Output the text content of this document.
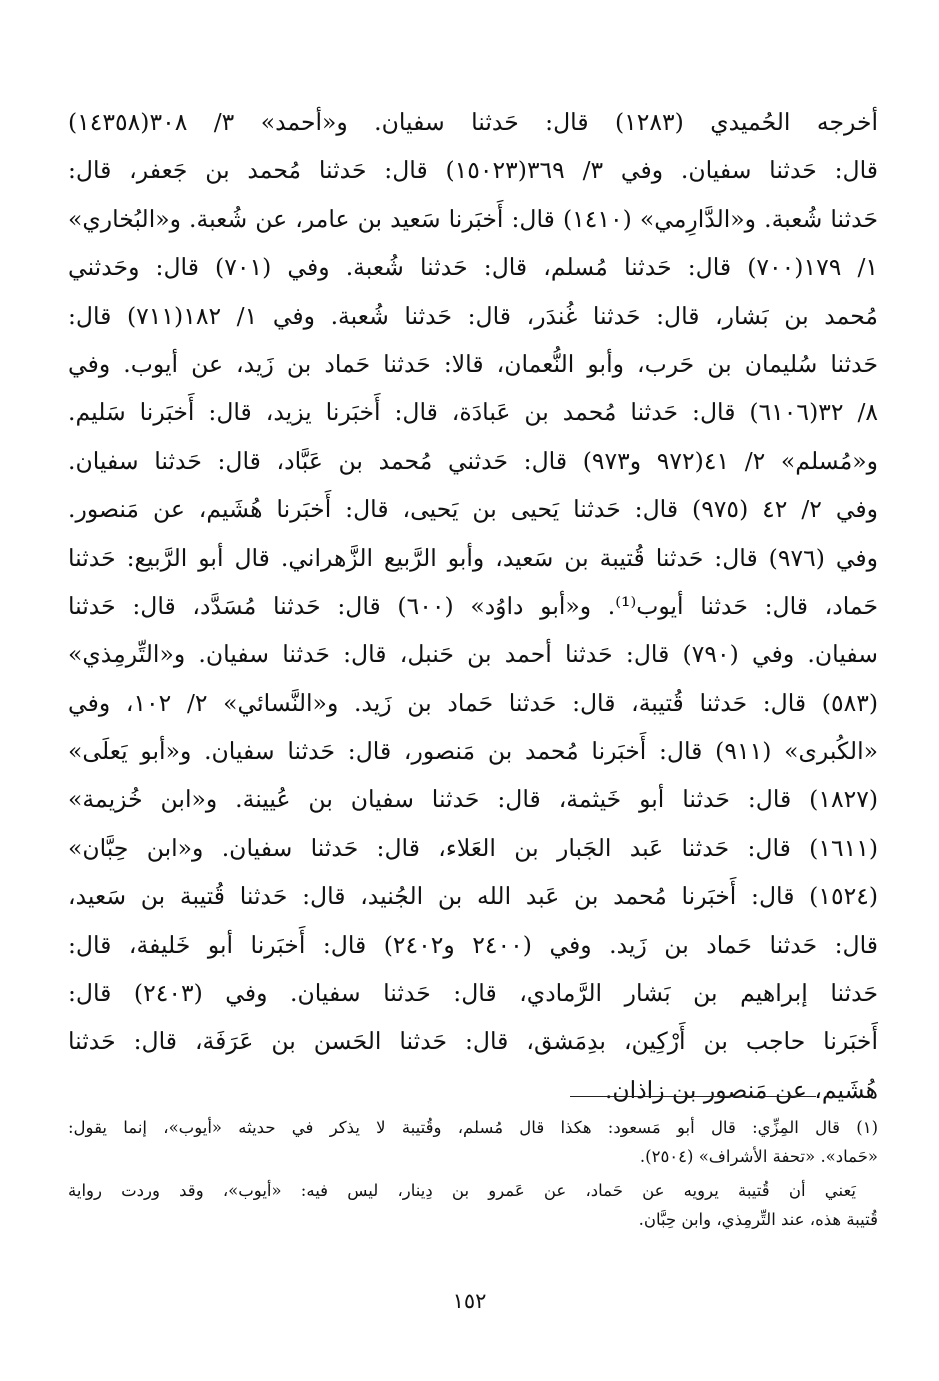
أخرجه الحُميدي (١٢٨٣) قال: حَدثنا سفيان. و«أحمد» ٣/ ٣٠٨(١٤٣٥٨)
قال: حَدثنا سفيان. وفي ٣/ ٣٦٩(١٥٠٢٣) قال: حَدثنا مُحمد بن جَعفر، قال:
حَدثنا شُعبة. و«الدَّارِمي» (١٤١٠) قال: أَخبَرنا سَعيد بن عامر، عن شُعبة. و«البُخاري»
١/ ١٧٩(٧٠٠) قال: حَدثنا مُسلم، قال: حَدثنا شُعبة. وفي (٧٠١) قال: وحَدثني
مُحمد بن بَشار، قال: حَدثنا غُندَر، قال: حَدثنا شُعبة. وفي ١/ ١٨٢(٧١١) قال:
حَدثنا سُليمان بن حَرب، وأبو النُّعمان، قالا: حَدثنا حَماد بن زَيد، عن أيوب. وفي
٨/ ٣٢(٦١٠٦) قال: حَدثنا مُحمد بن عَبادَة، قال: أَخبَرنا يزيد، قال: أَخبَرنا سَليم.
و«مُسلم» ٢/ ٤١(٩٧٢ و٩٧٣) قال: حَدثني مُحمد بن عَبَّاد، قال: حَدثنا سفيان.
وفي ٢/ ٤٢ (٩٧٥) قال: حَدثنا يَحيى بن يَحيى، قال: أَخبَرنا هُشَيم، عن مَنصور.
وفي (٩٧٦) قال: حَدثنا قُتيبة بن سَعيد، وأبو الرَّبيع الزَّهراني. قال أبو الرَّبيع: حَدثنا
حَماد، قال: حَدثنا أيوب⁽¹⁾. و«أبو داوُد» (٦٠٠) قال: حَدثنا مُسَدَّد، قال: حَدثنا
سفيان. وفي (٧٩٠) قال: حَدثنا أحمد بن حَنبل، قال: حَدثنا سفيان. و«التِّرمِذي»
(٥٨٣) قال: حَدثنا قُتيبة، قال: حَدثنا حَماد بن زَيد. و«النَّسائي» ٢/ ١٠٢، وفي
«الكُبرى» (٩١١) قال: أَخبَرنا مُحمد بن مَنصور، قال: حَدثنا سفيان. و«أبو يَعلَى»
(١٨٢٧) قال: حَدثنا أبو خَيثمة، قال: حَدثنا سفيان بن عُيينة. و«ابن خُزيمة»
(١٦١١) قال: حَدثنا عَبد الجَبار بن العَلاء، قال: حَدثنا سفيان. و«ابن حِبَّان»
(١٥٢٤) قال: أَخبَرنا مُحمد بن عَبد الله بن الجُنيد، قال: حَدثنا قُتيبة بن سَعيد،
قال: حَدثنا حَماد بن زَيد. وفي (٢٤٠٠ و٢٤٠٢) قال: أَخبَرنا أبو خَليفة، قال:
حَدثنا إبراهيم بن بَشار الرَّمادي، قال: حَدثنا سفيان. وفي (٢٤٠٣) قال:
أَخبَرنا حاجب بن أَرْكِين، بدِمَشق، قال: حَدثنا الحَسن بن عَرَفَة، قال: حَدثنا
هُشَيم، عن مَنصور بن زاذان.
(١) قال المِزِّي: قال أبو مَسعود: هكذا قال مُسلم، وقُتيبة لا يذكر في حديثه «أيوب»، إنما يقول:
«حَماد». «تحفة الأشراف» (٢٥٠٤).
يَعني أن قُتيبة يرويه عن حَماد، عن عَمرو بن دِينار، ليس فيه: «أيوب»، وقد وردت رواية
قُتيبة هذه، عند التِّرمِذي، وابن حِبَّان.
١٥٢
